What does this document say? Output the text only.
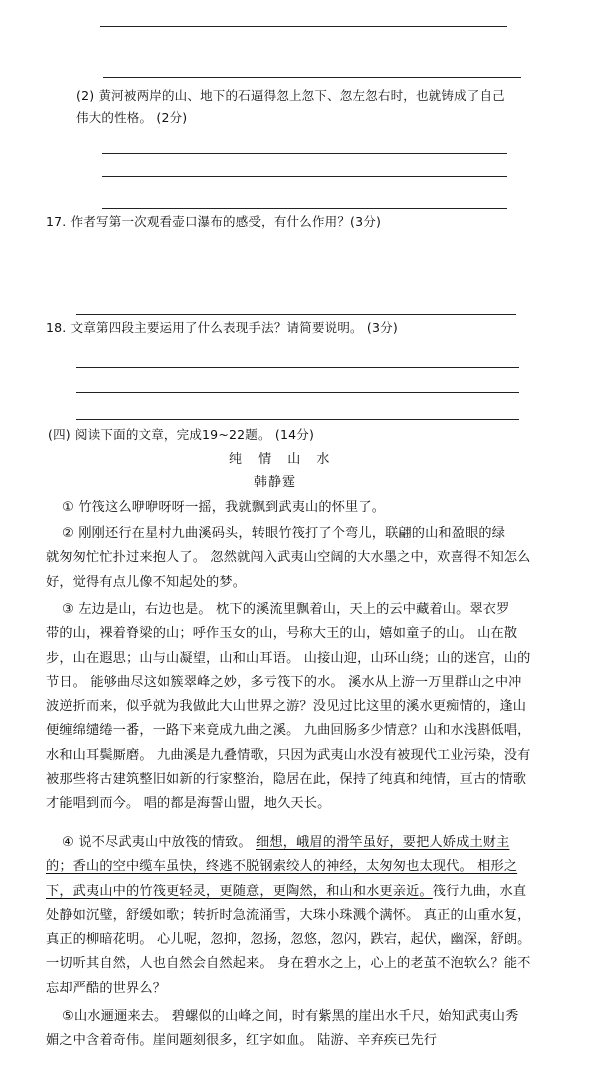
(2) 黄河被两岸的山、地下的石逼得忽上忽下、忽左忽右时，也就铸成了自己
伟大的性格。 (2分)
17. 作者写第一次观看壶口瀑布的感受，有什么作用？(3分)
18. 文章第四段主要运用了什么表现手法？请简要说明。 (3分)
(四) 阅读下面的文章，完成19~22题。 (14分)
纯 情 山 水
韩静霆
① 竹筏这么咿咿呀呀一摇，我就飘到武夷山的怀里了。
② 刚刚还行在星村九曲溪码头，转眼竹筏打了个弯儿，联翩的山和盈眼的绿
就匆匆忙忙扑过来抱人了。 忽然就闯入武夷山空阔的大水墨之中，欢喜得不知怎么
好，觉得有点儿像不知起处的梦。
③ 左边是山，右边也是。 枕下的溪流里飘着山，天上的云中藏着山。翠衣罗
带的山，裸着脊梁的山；呼作玉女的山，号称大王的山，嬉如童子的山。 山在散
步，山在遐思；山与山凝望，山和山耳语。 山接山迎，山环山绕；山的迷宫，山的
节日。 能够曲尽这如簇翠峰之妙，多亏筏下的水。 溪水从上游一万里群山之中冲
波逆折而来，似乎就为我做此大山世界之游？没见过比这里的溪水更痴情的，逢山
便缠绵缱绻一番，一路下来竟成九曲之溪。 九曲回肠多少情意？山和水浅斟低唱，
水和山耳鬓厮磨。 九曲溪是九叠情歌，只因为武夷山水没有被现代工业污染，没有
被那些将古建筑整旧如新的行家整治，隐居在此，保持了纯真和纯情，亘古的情歌
才能唱到而今。 唱的都是海誓山盟，地久天长。
④ 说不尽武夷山中放筏的情致。 细想，峨眉的滑竿虽好，要把人娇成土财主
的；香山的空中缆车虽快，终逃不脱钢索绞人的神经，太匆匆也太现代。 相形之
下，武夷山中的竹筏更轻灵，更随意，更陶然，和山和水更亲近。筏行九曲，水直
处静如沉璧，舒缓如歌；转折时急流涌雪，大珠小珠溅个满怀。 真正的山重水复，
真正的柳暗花明。 心儿呢，忽抑，忽扬，忽悠，忽闪，跌宕，起伏，幽深，舒朗。
一切听其自然，人也自然会自然起来。 身在碧水之上，心上的老茧不泡软么？能不
忘却严酷的世界么？
⑤山水逦逦来去。 碧螺似的山峰之间，时有紫黑的崖出水千尺，始知武夷山秀
媚之中含着奇伟。崖间题刻很多，红字如血。 陆游、辛弃疾已先行
